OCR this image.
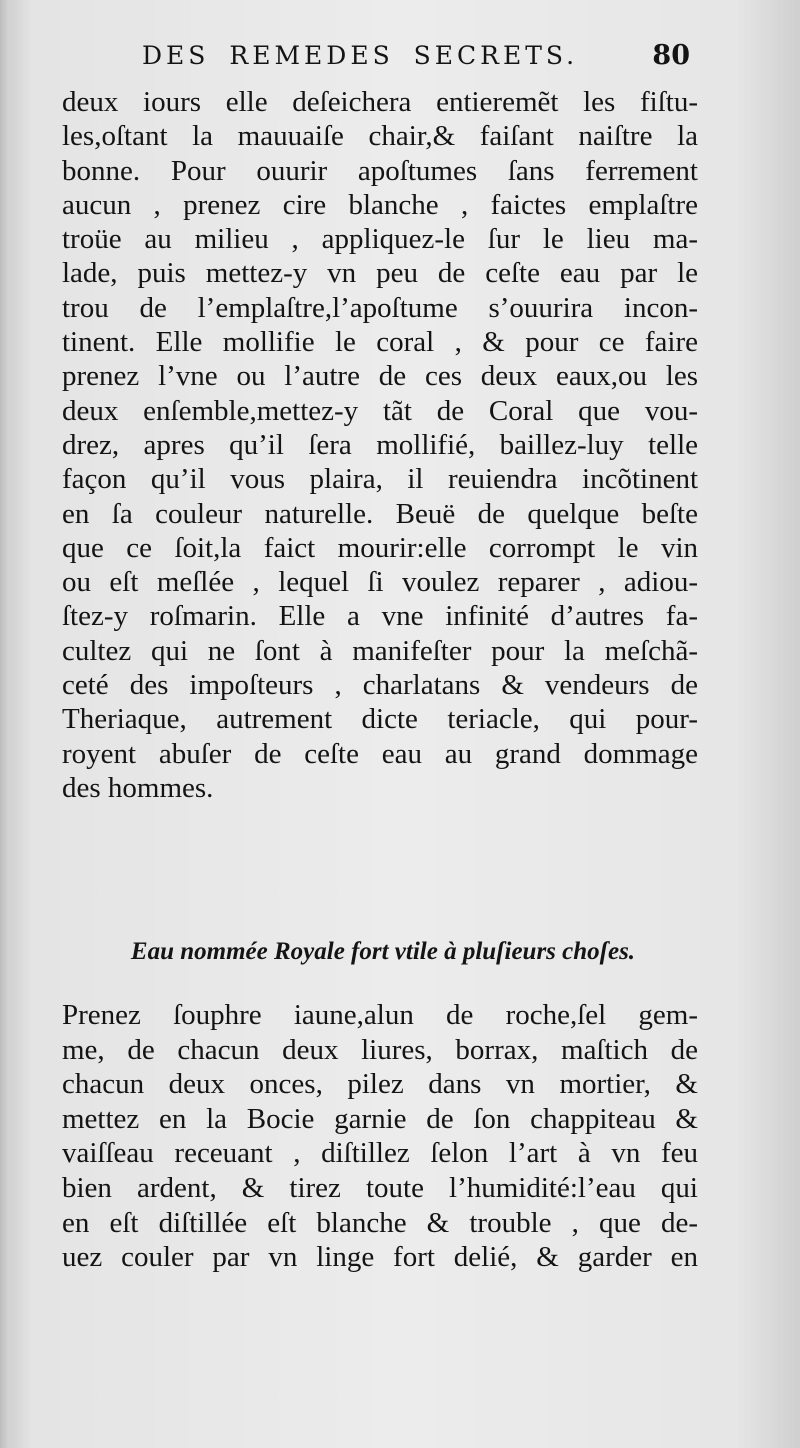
DES REMEDES SECRETS.	80
deux iours elle deſeichera entieremẽt les fiſtu-
les,oſtant la mauuaiſe chair,& faiſant naiſtre la
bonne. Pour ouurir apoſtumes ſans ferrement
aucun , prenez cire blanche , faictes emplaſtre
troüe au milieu , appliquez-le ſur le lieu ma-
lade, puis mettez-y vn peu de ceſte eau par le
trou de l’emplaſtre,l’apoſtume s’ouurira incon-
tinent. Elle mollifie le coral , & pour ce faire
prenez l’vne ou l’autre de ces deux eaux,ou les
deux enſemble,mettez-y tãt de Coral que vou-
drez, apres qu’il ſera mollifié, baillez-luy telle
façon qu’il vous plaira, il reuiendra incõtinent
en ſa couleur naturelle. Beuë de quelque beſte
que ce ſoit,la faict mourir:elle corrompt le vin
ou eſt meſlée , lequel ſi voulez reparer , adiou-
ſtez-y roſmarin. Elle a vne infinité d’autres fa-
cultez qui ne ſont à manifeſter pour la meſchã-
ceté des impoſteurs , charlatans & vendeurs de
Theriaque, autrement dicte teriacle, qui pour-
royent abuſer de ceſte eau au grand dommage
des hommes.
Eau nommée Royale fort vtile à pluſieurs choſes.
Prenez ſouphre iaune,alun de roche,ſel gem-
me, de chacun deux liures, borrax, maſtich de
chacun deux onces, pilez dans vn mortier, &
mettez en la Bocie garnie de ſon chappiteau &
vaiſſeau receuant , diſtillez ſelon l’art à vn feu
bien ardent, & tirez toute l’humidité:l’eau qui
en eſt diſtillée eſt blanche & trouble , que de-
uez couler par vn linge fort delié, & garder en
